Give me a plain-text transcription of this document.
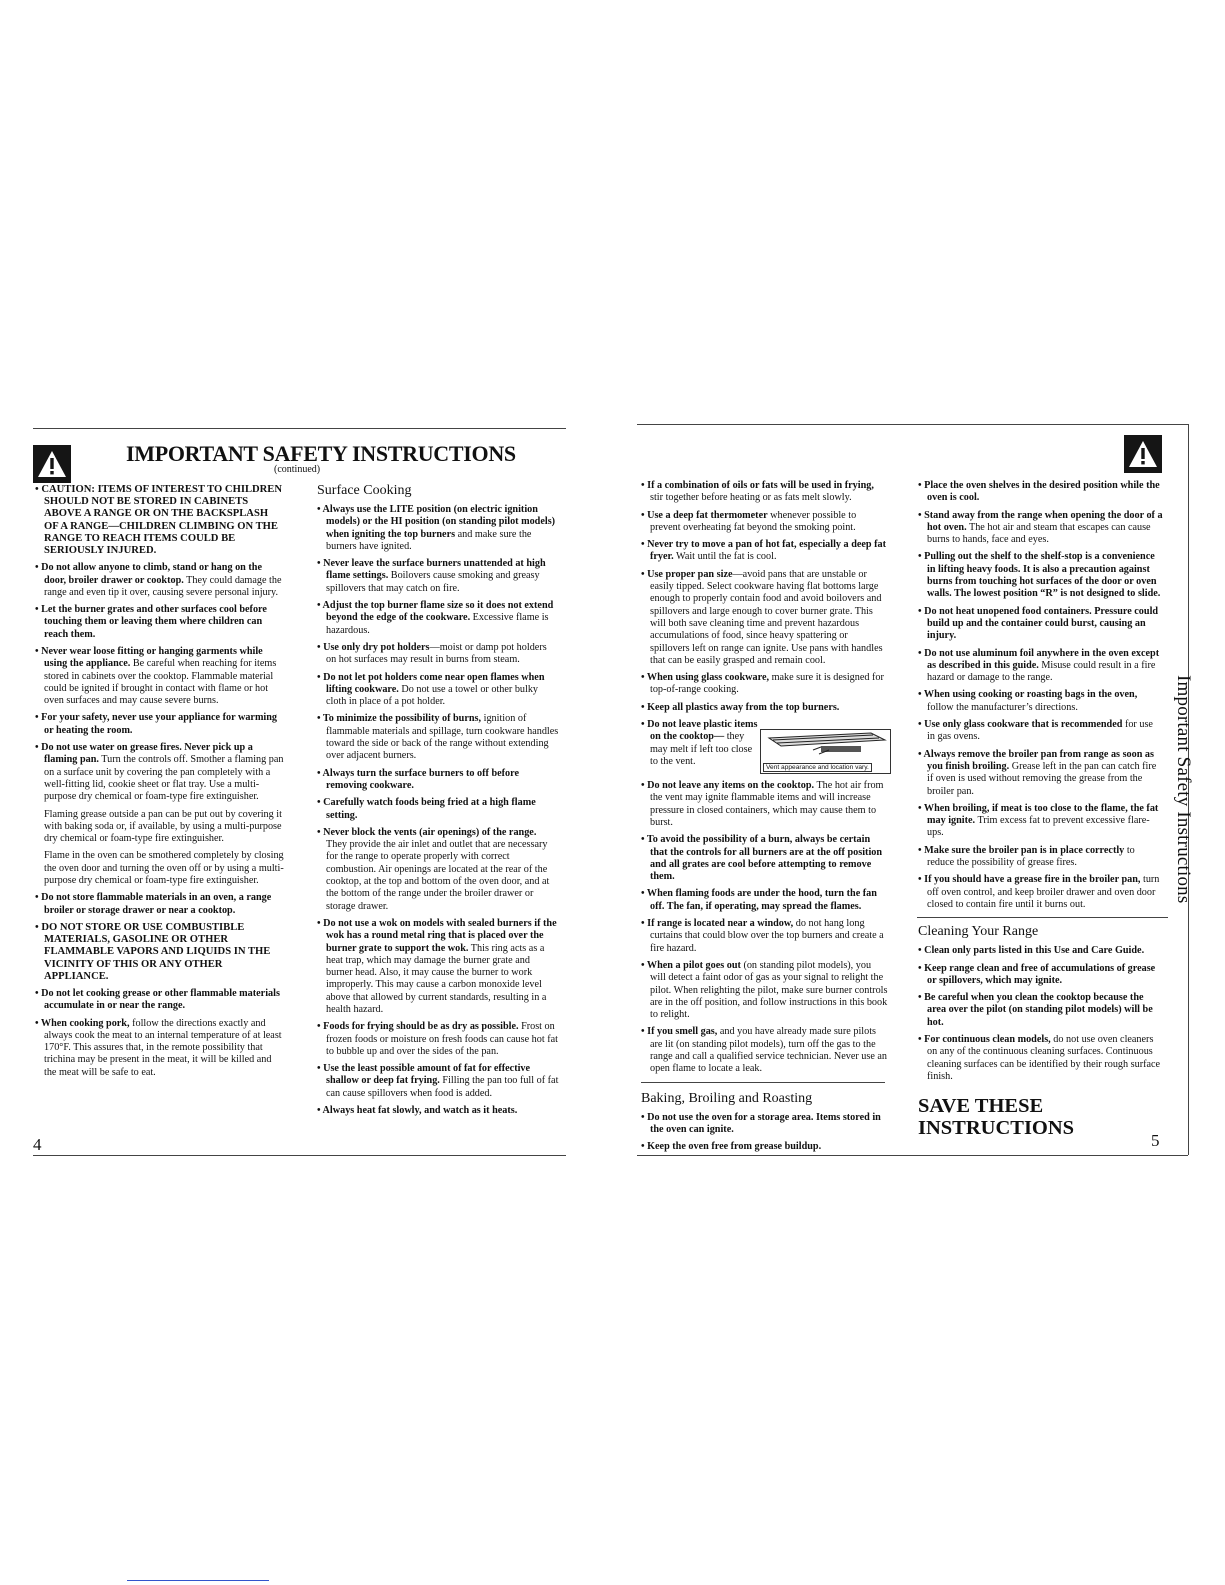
IMPORTANT SAFETY INSTRUCTIONS
(continued)

• CAUTION: ITEMS OF INTEREST TO CHILDREN SHOULD NOT BE STORED IN CABINETS ABOVE A RANGE OR ON THE BACKSPLASH OF A RANGE—CHILDREN CLIMBING ON THE RANGE TO REACH ITEMS COULD BE SERIOUSLY INJURED.

• Do not allow anyone to climb, stand or hang on the door, broiler drawer or cooktop. They could damage the range and even tip it over, causing severe personal injury.

• Let the burner grates and other surfaces cool before touching them or leaving them where children can reach them.

• Never wear loose fitting or hanging garments while using the appliance. Be careful when reaching for items stored in cabinets over the cooktop. Flammable material could be ignited if brought in contact with flame or hot oven surfaces and may cause severe burns.

• For your safety, never use your appliance for warming or heating the room.

• Do not use water on grease fires. Never pick up a flaming pan. Turn the controls off. Smother a flaming pan on a surface unit by covering the pan completely with a well-fitting lid, cookie sheet or flat tray. Use a multi-purpose dry chemical or foam-type fire extinguisher.

Flaming grease outside a pan can be put out by covering it with baking soda or, if available, by using a multi-purpose dry chemical or foam-type fire extinguisher.

Flame in the oven can be smothered completely by closing the oven door and turning the oven off or by using a multi-purpose dry chemical or foam-type fire extinguisher.

• Do not store flammable materials in an oven, a range broiler or storage drawer or near a cooktop.

• DO NOT STORE OR USE COMBUSTIBLE MATERIALS, GASOLINE OR OTHER FLAMMABLE VAPORS AND LIQUIDS IN THE VICINITY OF THIS OR ANY OTHER APPLIANCE.

• Do not let cooking grease or other flammable materials accumulate in or near the range.

• When cooking pork, follow the directions exactly and always cook the meat to an internal temperature of at least 170°F. This assures that, in the remote possibility that trichina may be present in the meat, it will be killed and the meat will be safe to eat.

Surface Cooking

• Always use the LITE position (on electric ignition models) or the HI position (on standing pilot models) when igniting the top burners and make sure the burners have ignited.

• Never leave the surface burners unattended at high flame settings. Boilovers cause smoking and greasy spillovers that may catch on fire.

• Adjust the top burner flame size so it does not extend beyond the edge of the cookware. Excessive flame is hazardous.

• Use only dry pot holders—moist or damp pot holders on hot surfaces may result in burns from steam.

• Do not let pot holders come near open flames when lifting cookware. Do not use a towel or other bulky cloth in place of a pot holder.

• To minimize the possibility of burns, ignition of flammable materials and spillage, turn cookware handles toward the side or back of the range without extending over adjacent burners.

• Always turn the surface burners to off before removing cookware.

• Carefully watch foods being fried at a high flame setting.

• Never block the vents (air openings) of the range. They provide the air inlet and outlet that are necessary for the range to operate properly with correct combustion. Air openings are located at the rear of the cooktop, at the top and bottom of the oven door, and at the bottom of the range under the broiler drawer or storage drawer.

• Do not use a wok on models with sealed burners if the wok has a round metal ring that is placed over the burner grate to support the wok. This ring acts as a heat trap, which may damage the burner grate and burner head. Also, it may cause the burner to work improperly. This may cause a carbon monoxide level above that allowed by current standards, resulting in a health hazard.

• Foods for frying should be as dry as possible. Frost on frozen foods or moisture on fresh foods can cause hot fat to bubble up and over the sides of the pan.

• Use the least possible amount of fat for effective shallow or deep fat frying. Filling the pan too full of fat can cause spillovers when food is added.

• Always heat fat slowly, and watch as it heats.

• If a combination of oils or fats will be used in frying, stir together before heating or as fats melt slowly.

• Use a deep fat thermometer whenever possible to prevent overheating fat beyond the smoking point.

• Never try to move a pan of hot fat, especially a deep fat fryer. Wait until the fat is cool.

• Use proper pan size—avoid pans that are unstable or easily tipped. Select cookware having flat bottoms large enough to properly contain food and avoid boilovers and spillovers and large enough to cover burner grate. This will both save cleaning time and prevent hazardous accumulations of food, since heavy spattering or spillovers left on range can ignite. Use pans with handles that can be easily grasped and remain cool.

• When using glass cookware, make sure it is designed for top-of-range cooking.

• Keep all plastics away from the top burners.

• Do not leave plastic items on the cooktop— they may melt if left too close to the vent.

• Do not leave any items on the cooktop. The hot air from the vent may ignite flammable items and will increase pressure in closed containers, which may cause them to burst.

• To avoid the possibility of a burn, always be certain that the controls for all burners are at the off position and all grates are cool before attempting to remove them.

• When flaming foods are under the hood, turn the fan off. The fan, if operating, may spread the flames.

• If range is located near a window, do not hang long curtains that could blow over the top burners and create a fire hazard.

• When a pilot goes out (on standing pilot models), you will detect a faint odor of gas as your signal to relight the pilot. When relighting the pilot, make sure burner controls are in the off position, and follow instructions in this book to relight.

• If you smell gas, and you have already made sure pilots are lit (on standing pilot models), turn off the gas to the range and call a qualified service technician. Never use an open flame to locate a leak.

Baking, Broiling and Roasting

• Do not use the oven for a storage area. Items stored in the oven can ignite.

• Keep the oven free from grease buildup.

Vent appearance and location vary.

• Place the oven shelves in the desired position while the oven is cool.

• Stand away from the range when opening the door of a hot oven. The hot air and steam that escapes can cause burns to hands, face and eyes.

• Pulling out the shelf to the shelf-stop is a convenience in lifting heavy foods. It is also a precaution against burns from touching hot surfaces of the door or oven walls. The lowest position “R” is not designed to slide.

• Do not heat unopened food containers. Pressure could build up and the container could burst, causing an injury.

• Do not use aluminum foil anywhere in the oven except as described in this guide. Misuse could result in a fire hazard or damage to the range.

• When using cooking or roasting bags in the oven, follow the manufacturer’s directions.

• Use only glass cookware that is recommended for use in gas ovens.

• Always remove the broiler pan from range as soon as you finish broiling. Grease left in the pan can catch fire if oven is used without removing the grease from the broiler pan.

• When broiling, if meat is too close to the flame, the fat may ignite. Trim excess fat to prevent excessive flare-ups.

• Make sure the broiler pan is in place correctly to reduce the possibility of grease fires.

• If you should have a grease fire in the broiler pan, turn off oven control, and keep broiler drawer and oven door closed to contain fire until it burns out.

Cleaning Your Range

• Clean only parts listed in this Use and Care Guide.

• Keep range clean and free of accumulations of grease or spillovers, which may ignite.

• Be careful when you clean the cooktop because the area over the pilot (on standing pilot models) will be hot.

• For continuous clean models, do not use oven cleaners on any of the continuous cleaning surfaces. Continuous cleaning surfaces can be identified by their rough surface finish.

SAVE THESE INSTRUCTIONS
Important Safety Instructions
4	5
